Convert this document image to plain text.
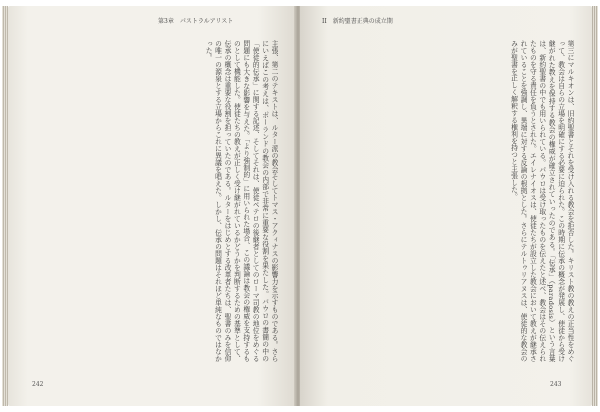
第3章　パストラルアリスト
主張、第二のテキストは、ルター派の教会そしてトマス・アクィナスの影響力を示すものである。さらにいえばこの考えは、ポーランドの教会の内部で非常に重要な役割を果たした。バウロの書簡の中の「使徒的伝承」に関する記述、そしてそれは、使徒ペテロの後継者としてのローマ司教の地位をめぐる問題にも大きな影響を与えた。「より強制的」に用いられた場合、この議論は教会の権威を支持するものとして機能した。使徒たちの教えが正しく受け継がれているかどうかを判断するための基準として、伝承の概念は重要な役割を担っていたのである。ルターをはじめとする改革者たちは、聖書のみを信仰の唯一の源泉とする立場からこれに異議を唱えた。しかし、伝承の問題はそれほど単純なものではなかった。
242
II　新約聖書正典の成立期
第三にマルキオンは、旧約聖書とそれを受け入れる教会を拒否した。キリスト教の教えの正当性をめぐって、教会は自らの立場を明確にする必要に迫られた。この時期に伝承の概念が発展し、使徒から受け継がれた教えを保持する教会の権威が確立されていったのである。「伝承」（paradosis）という言葉は、新約聖書の中でも用いられている。パウロは受け取ったものを伝えたと述べ、教会はその伝えられたものを守る責任を負うとされた。エイレナイオスは、使徒たちが設立した教会において教えが継承されていることを強調し、異端に対する反論の根拠とした。さらにテルトゥリアヌスは、使徒的な教会のみが聖書を正しく解釈する権利を持つと主張した。
243
